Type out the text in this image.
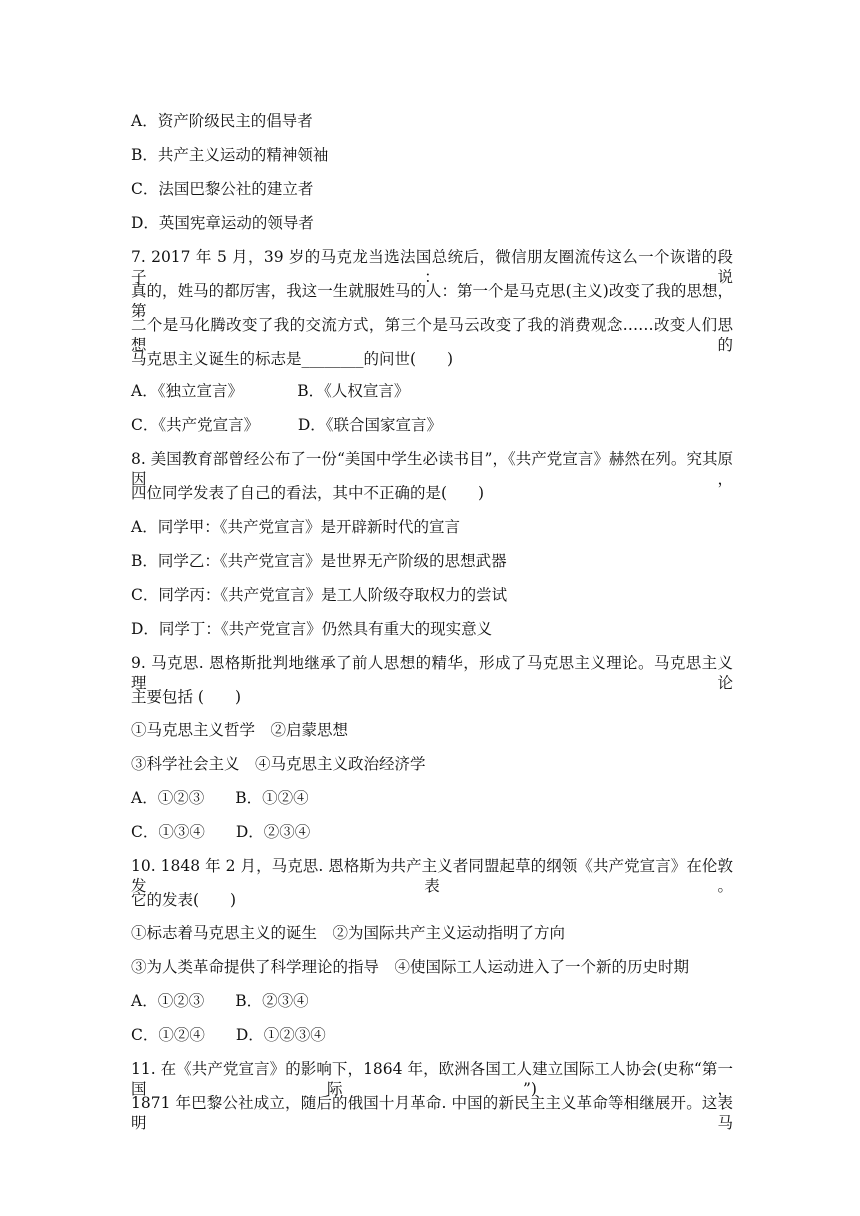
A．资产阶级民主的倡导者
B．共产主义运动的精神领袖
C．法国巴黎公社的建立者
D．英国宪章运动的领导者
7. 2017 年 5 月，39 岁的马克龙当选法国总统后，微信朋友圈流传这么一个诙谐的段子：说
真的，姓马的都厉害，我这一生就服姓马的人：第一个是马克思(主义)改变了我的思想，第
二个是马化腾改变了我的交流方式，第三个是马云改变了我的消费观念……改变人们思想的
马克思主义诞生的标志是________的问世(　　)
A．《独立宣言》　　　　B．《人权宣言》
C．《共产党宣言》　　　D．《联合国家宣言》
8. 美国教育部曾经公布了一份“美国中学生必读书目”，《共产党宣言》赫然在列。究其原因，
四位同学发表了自己的看法，其中不正确的是(　　)
A．同学甲：《共产党宣言》是开辟新时代的宣言
B．同学乙：《共产党宣言》是世界无产阶级的思想武器
C．同学丙：《共产党宣言》是工人阶级夺取权力的尝试
D．同学丁：《共产党宣言》仍然具有重大的现实意义
9. 马克思. 恩格斯批判地继承了前人思想的精华，形成了马克思主义理论。马克思主义理论
主要包括 (　　)
①马克思主义哲学　②启蒙思想
③科学社会主义　④马克思主义政治经济学
A．①②③　　B．①②④
C．①③④　　D．②③④
10. 1848 年 2 月，马克思. 恩格斯为共产主义者同盟起草的纲领《共产党宣言》在伦敦发表。
它的发表(　　)
①标志着马克思主义的诞生　②为国际共产主义运动指明了方向
③为人类革命提供了科学理论的指导　④使国际工人运动进入了一个新的历史时期
A．①②③　　B．②③④
C．①②④　　D．①②③④
11. 在《共产党宣言》的影响下，1864 年，欧洲各国工人建立国际工人协会(史称“第一国际”)，
1871 年巴黎公社成立，随后的俄国十月革命. 中国的新民主主义革命等相继展开。这表明马
